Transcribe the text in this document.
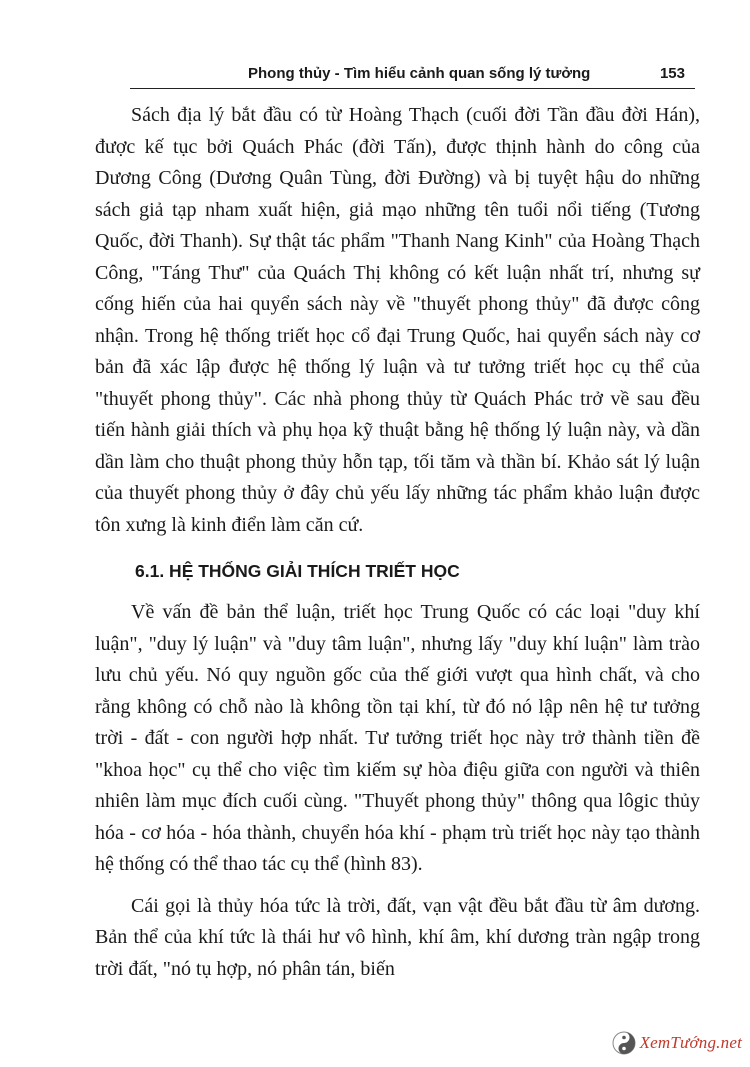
Phong thủy - Tìm hiểu cảnh quan sống lý tưởng	153

Sách địa lý bắt đầu có từ Hoàng Thạch (cuối đời Tần đầu đời Hán), được kế tục bởi Quách Phác (đời Tấn), được thịnh hành do công của Dương Công (Dương Quân Tùng, đời Đường) và bị tuyệt hậu do những sách giả tạp nham xuất hiện, giả mạo những tên tuổi nổi tiếng (Tương Quốc, đời Thanh). Sự thật tác phẩm "Thanh Nang Kinh" của Hoàng Thạch Công, "Táng Thư" của Quách Thị không có kết luận nhất trí, nhưng sự cống hiến của hai quyển sách này về "thuyết phong thủy" đã được công nhận. Trong hệ thống triết học cổ đại Trung Quốc, hai quyển sách này cơ bản đã xác lập được hệ thống lý luận và tư tưởng triết học cụ thể của "thuyết phong thủy". Các nhà phong thủy từ Quách Phác trở về sau đều tiến hành giải thích và phụ họa kỹ thuật bằng hệ thống lý luận này, và dần dần làm cho thuật phong thủy hỗn tạp, tối tăm và thần bí. Khảo sát lý luận của thuyết phong thủy ở đây chủ yếu lấy những tác phẩm khảo luận được tôn xưng là kinh điển làm căn cứ.

6.1. HỆ THỐNG GIẢI THÍCH TRIẾT HỌC

Về vấn đề bản thể luận, triết học Trung Quốc có các loại "duy khí luận", "duy lý luận" và "duy tâm luận", nhưng lấy "duy khí luận" làm trào lưu chủ yếu. Nó quy nguồn gốc của thế giới vượt qua hình chất, và cho rằng không có chỗ nào là không tồn tại khí, từ đó nó lập nên hệ tư tưởng trời - đất - con người hợp nhất. Tư tưởng triết học này trở thành tiền đề "khoa học" cụ thể cho việc tìm kiếm sự hòa điệu giữa con người và thiên nhiên làm mục đích cuối cùng. "Thuyết phong thủy" thông qua lôgic thủy hóa - cơ hóa - hóa thành, chuyển hóa khí - phạm trù triết học này tạo thành hệ thống có thể thao tác cụ thể (hình 83).

Cái gọi là thủy hóa tức là trời, đất, vạn vật đều bắt đầu từ âm dương. Bản thể của khí tức là thái hư vô hình, khí âm, khí dương tràn ngập trong trời đất, "nó tụ hợp, nó phân tán, biến

XemTướng.net
